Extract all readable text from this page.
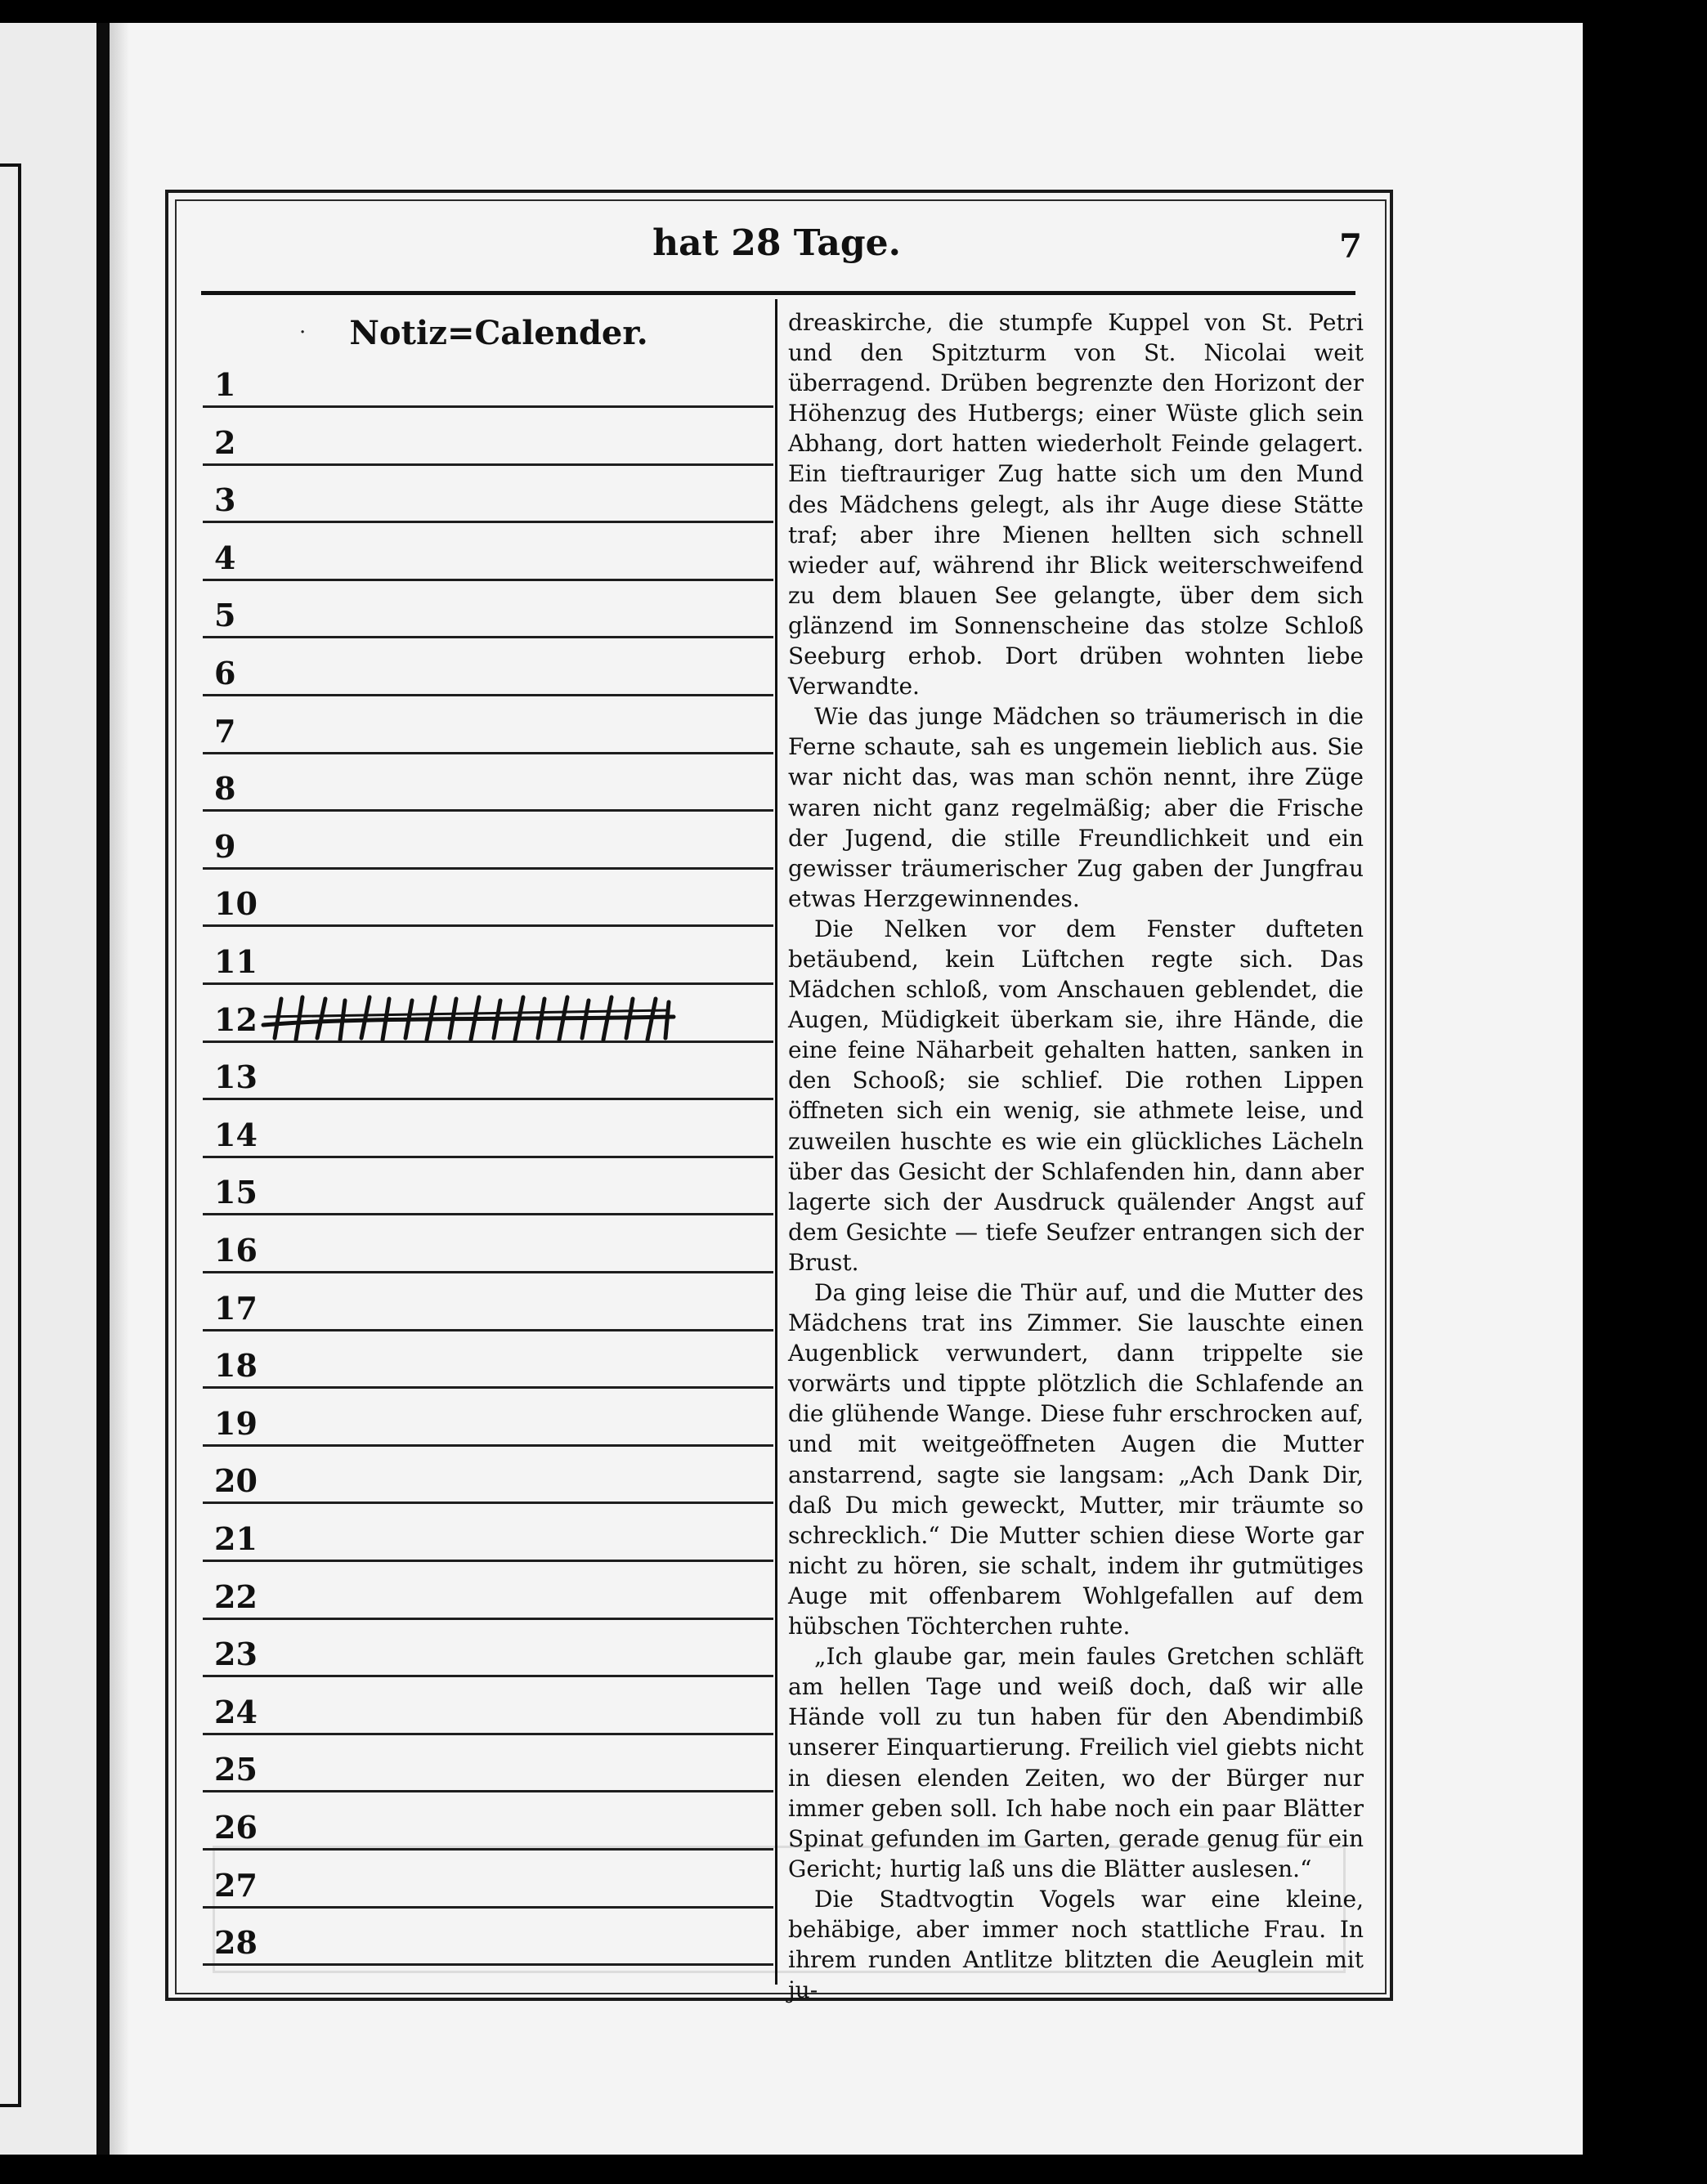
hat 28 Tage.	7
· Notiz=Calender.
1
2
3
4
5
6
7
8
9
10
11
12
13
14
15
16
17
18
19
20
21
22
23
24
25
26
27
28

dreaskirche, die stumpfe Kuppel von St. Petri und den Spitzturm von St. Nicolai weit überragend. Drüben begrenzte den Horizont der Höhenzug des Hutbergs; einer Wüste glich sein Abhang, dort hatten wiederholt Feinde gelagert. Ein tieftrauriger Zug hatte sich um den Mund des Mädchens gelegt, als ihr Auge diese Stätte traf; aber ihre Mienen hellten sich schnell wieder auf, während ihr Blick weiterschweifend zu dem blauen See gelangte, über dem sich glänzend im Sonnenscheine das stolze Schloß Seeburg erhob. Dort drüben wohnten liebe Verwandte.

Wie das junge Mädchen so träumerisch in die Ferne schaute, sah es ungemein lieblich aus. Sie war nicht das, was man schön nennt, ihre Züge waren nicht ganz regelmäßig; aber die Frische der Jugend, die stille Freundlichkeit und ein gewisser träumerischer Zug gaben der Jungfrau etwas Herzgewinnendes.

Die Nelken vor dem Fenster dufteten betäubend, kein Lüftchen regte sich. Das Mädchen schloß, vom Anschauen geblendet, die Augen, Müdigkeit überkam sie, ihre Hände, die eine feine Näharbeit gehalten hatten, sanken in den Schooß; sie schlief. Die rothen Lippen öffneten sich ein wenig, sie athmete leise, und zuweilen huschte es wie ein glückliches Lächeln über das Gesicht der Schlafenden hin, dann aber lagerte sich der Ausdruck quälender Angst auf dem Gesichte — tiefe Seufzer entrangen sich der Brust.

Da ging leise die Thür auf, und die Mutter des Mädchens trat ins Zimmer. Sie lauschte einen Augenblick verwundert, dann trippelte sie vorwärts und tippte plötzlich die Schlafende an die glühende Wange. Diese fuhr erschrocken auf, und mit weitgeöffneten Augen die Mutter anstarrend, sagte sie langsam: „Ach Dank Dir, daß Du mich geweckt, Mutter, mir träumte so schrecklich.“ Die Mutter schien diese Worte gar nicht zu hören, sie schalt, indem ihr gutmütiges Auge mit offenbarem Wohlgefallen auf dem hübschen Töchterchen ruhte.

„Ich glaube gar, mein faules Gretchen schläft am hellen Tage und weiß doch, daß wir alle Hände voll zu tun haben für den Abendimbiß unserer Einquartierung. Freilich viel giebts nicht in diesen elenden Zeiten, wo der Bürger nur immer geben soll. Ich habe noch ein paar Blätter Spinat gefunden im Garten, gerade genug für ein Gericht; hurtig laß uns die Blätter auslesen.“

Die Stadtvogtin Vogels war eine kleine, behäbige, aber immer noch stattliche Frau. In ihrem runden Antlitze blitzten die Aeuglein mit ju-
